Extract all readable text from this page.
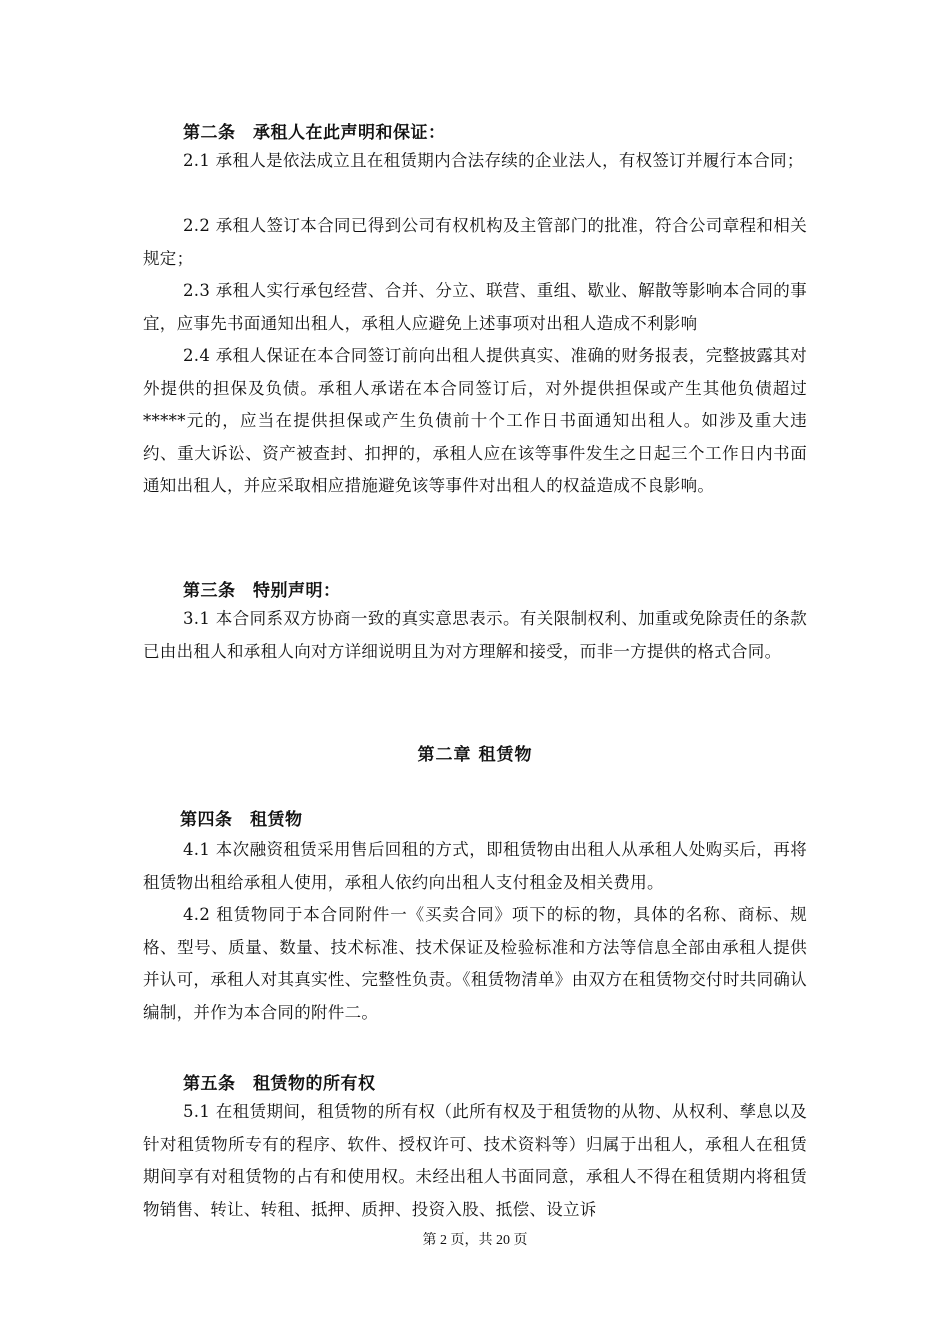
第二条　承租人在此声明和保证：

2.1 承租人是依法成立且在租赁期内合法存续的企业法人，有权签订并履行本合同；

2.2 承租人签订本合同已得到公司有权机构及主管部门的批准，符合公司章程和相关规定；

2.3 承租人实行承包经营、合并、分立、联营、重组、歇业、解散等影响本合同的事宜，应事先书面通知出租人，承租人应避免上述事项对出租人造成不利影响

2.4 承租人保证在本合同签订前向出租人提供真实、准确的财务报表，完整披露其对外提供的担保及负债。承租人承诺在本合同签订后，对外提供担保或产生其他负债超过*****元的，应当在提供担保或产生负债前十个工作日书面通知出租人。如涉及重大违约、重大诉讼、资产被查封、扣押的，承租人应在该等事件发生之日起三个工作日内书面通知出租人，并应采取相应措施避免该等事件对出租人的权益造成不良影响。

第三条　特别声明：

3.1 本合同系双方协商一致的真实意思表示。有关限制权利、加重或免除责任的条款已由出租人和承租人向对方详细说明且为对方理解和接受，而非一方提供的格式合同。

第二章 租赁物
第四条　租赁物

4.1 本次融资租赁采用售后回租的方式，即租赁物由出租人从承租人处购买后，再将租赁物出租给承租人使用，承租人依约向出租人支付租金及相关费用。

4.2 租赁物同于本合同附件一《买卖合同》项下的标的物，具体的名称、商标、规格、型号、质量、数量、技术标准、技术保证及检验标准和方法等信息全部由承租人提供并认可，承租人对其真实性、完整性负责。《租赁物清单》由双方在租赁物交付时共同确认编制，并作为本合同的附件二。

第五条　租赁物的所有权

5.1 在租赁期间，租赁物的所有权（此所有权及于租赁物的从物、从权利、孳息以及针对租赁物所专有的程序、软件、授权许可、技术资料等）归属于出租人，承租人在租赁期间享有对租赁物的占有和使用权。未经出租人书面同意，承租人不得在租赁期内将租赁物销售、转让、转租、抵押、质押、投资入股、抵偿、设立诉

第 2 页，共 20 页
